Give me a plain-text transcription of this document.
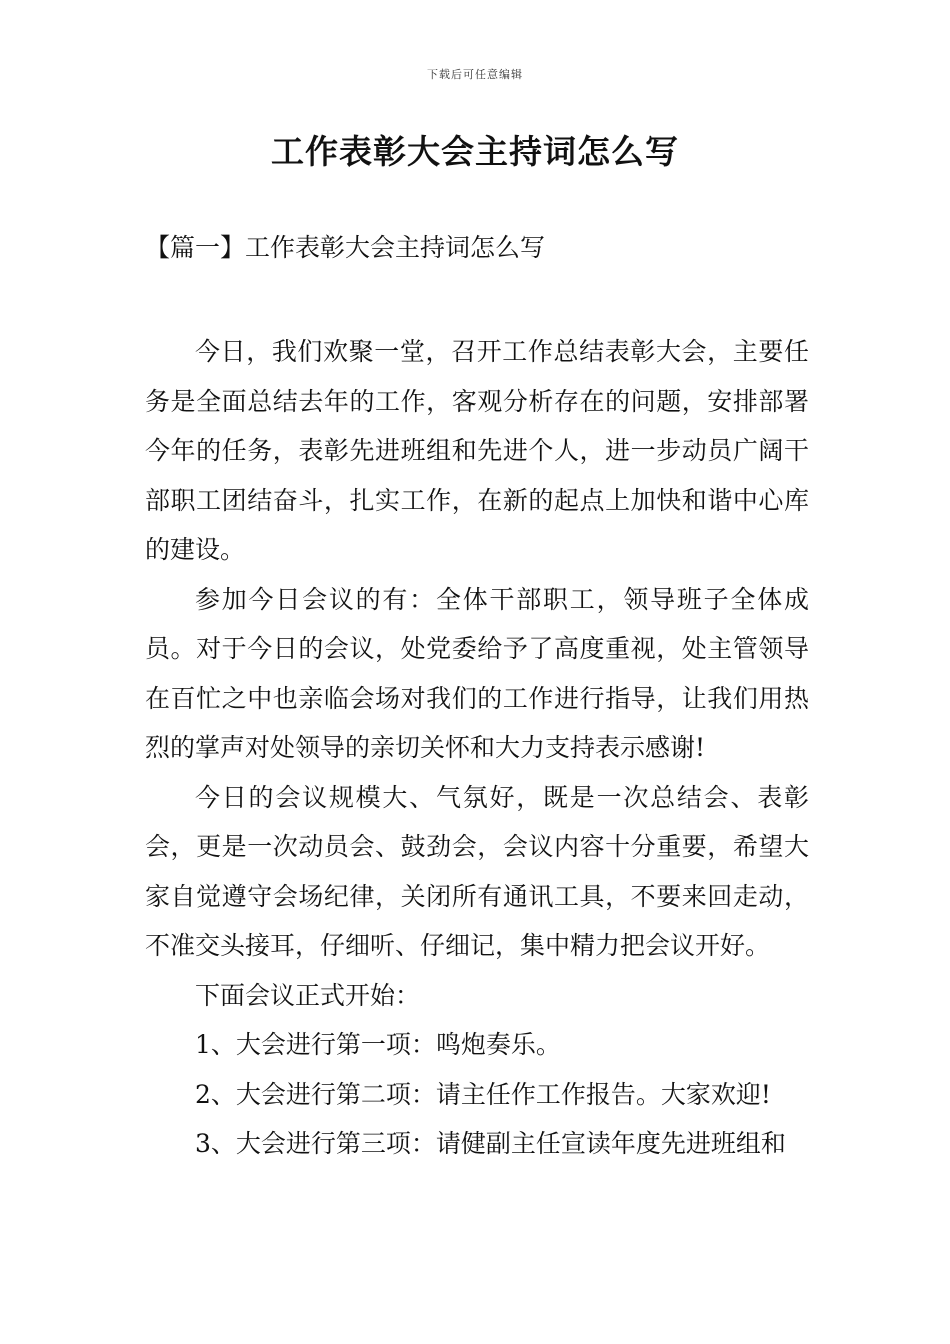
下载后可任意编辑
工作表彰大会主持词怎么写
【篇一】工作表彰大会主持词怎么写

今日，我们欢聚一堂，召开工作总结表彰大会，主要任务是全面总结去年的工作，客观分析存在的问题，安排部署今年的任务，表彰先进班组和先进个人，进一步动员广阔干部职工团结奋斗，扎实工作，在新的起点上加快和谐中心库的建设。

参加今日会议的有：全体干部职工，领导班子全体成员。对于今日的会议，处党委给予了高度重视，处主管领导在百忙之中也亲临会场对我们的工作进行指导，让我们用热烈的掌声对处领导的亲切关怀和大力支持表示感谢!

今日的会议规模大、气氛好，既是一次总结会、表彰会，更是一次动员会、鼓劲会，会议内容十分重要，希望大家自觉遵守会场纪律，关闭所有通讯工具，不要来回走动，不准交头接耳，仔细听、仔细记，集中精力把会议开好。

下面会议正式开始：

1、大会进行第一项：鸣炮奏乐。

2、大会进行第二项：请主任作工作报告。大家欢迎!

3、大会进行第三项：请健副主任宣读年度先进班组和
